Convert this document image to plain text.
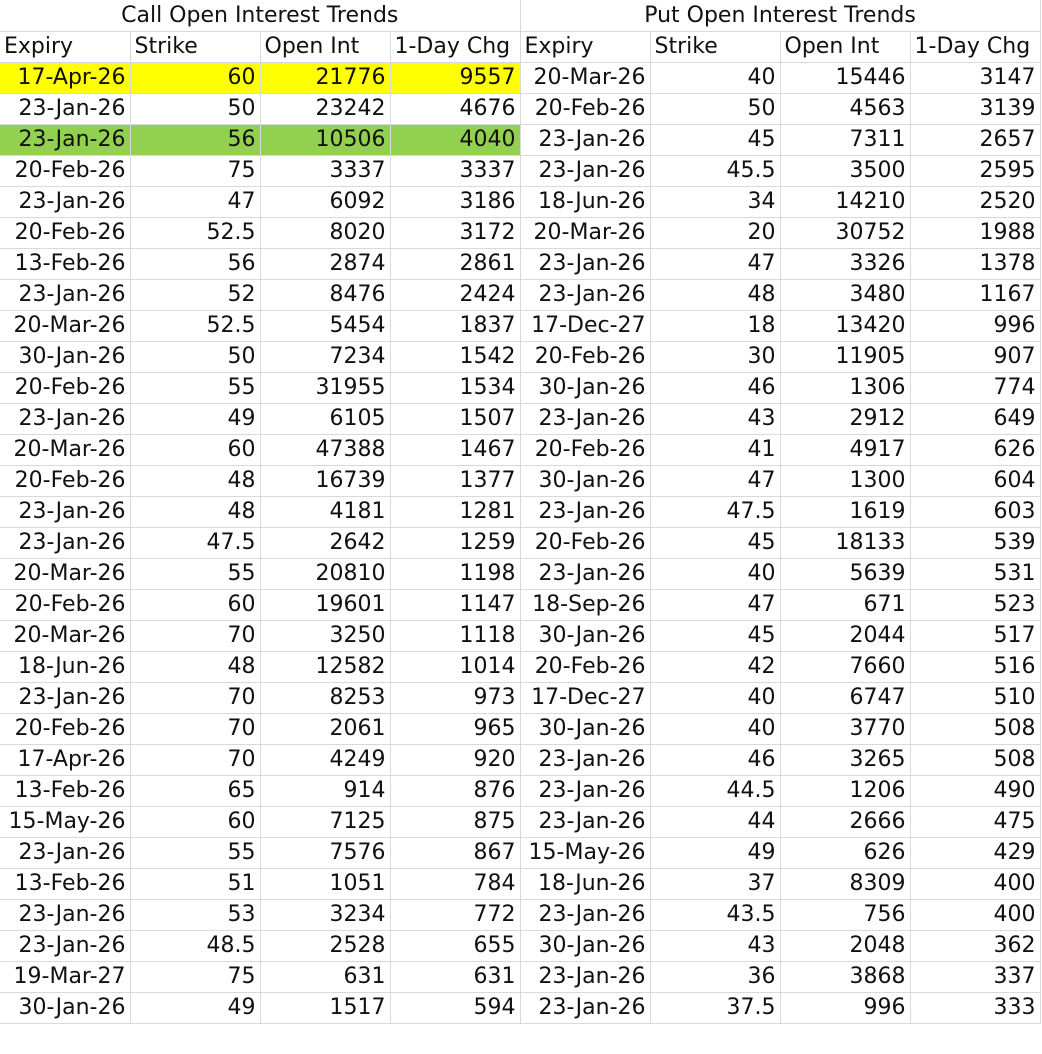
Call Open Interest Trends				Put Open Interest Trends			
Expiry	Strike	Open Int	1-Day Chg	Expiry	Strike	Open Int	1-Day Chg
17-Apr-26	60	21776	9557	20-Mar-26	40	15446	3147
23-Jan-26	50	23242	4676	20-Feb-26	50	4563	3139
23-Jan-26	56	10506	4040	23-Jan-26	45	7311	2657
20-Feb-26	75	3337	3337	23-Jan-26	45.5	3500	2595
23-Jan-26	47	6092	3186	18-Jun-26	34	14210	2520
20-Feb-26	52.5	8020	3172	20-Mar-26	20	30752	1988
13-Feb-26	56	2874	2861	23-Jan-26	47	3326	1378
23-Jan-26	52	8476	2424	23-Jan-26	48	3480	1167
20-Mar-26	52.5	5454	1837	17-Dec-27	18	13420	996
30-Jan-26	50	7234	1542	20-Feb-26	30	11905	907
20-Feb-26	55	31955	1534	30-Jan-26	46	1306	774
23-Jan-26	49	6105	1507	23-Jan-26	43	2912	649
20-Mar-26	60	47388	1467	20-Feb-26	41	4917	626
20-Feb-26	48	16739	1377	30-Jan-26	47	1300	604
23-Jan-26	48	4181	1281	23-Jan-26	47.5	1619	603
23-Jan-26	47.5	2642	1259	20-Feb-26	45	18133	539
20-Mar-26	55	20810	1198	23-Jan-26	40	5639	531
20-Feb-26	60	19601	1147	18-Sep-26	47	671	523
20-Mar-26	70	3250	1118	30-Jan-26	45	2044	517
18-Jun-26	48	12582	1014	20-Feb-26	42	7660	516
23-Jan-26	70	8253	973	17-Dec-27	40	6747	510
20-Feb-26	70	2061	965	30-Jan-26	40	3770	508
17-Apr-26	70	4249	920	23-Jan-26	46	3265	508
13-Feb-26	65	914	876	23-Jan-26	44.5	1206	490
15-May-26	60	7125	875	23-Jan-26	44	2666	475
23-Jan-26	55	7576	867	15-May-26	49	626	429
13-Feb-26	51	1051	784	18-Jun-26	37	8309	400
23-Jan-26	53	3234	772	23-Jan-26	43.5	756	400
23-Jan-26	48.5	2528	655	30-Jan-26	43	2048	362
19-Mar-27	75	631	631	23-Jan-26	36	3868	337
30-Jan-26	49	1517	594	23-Jan-26	37.5	996	333
